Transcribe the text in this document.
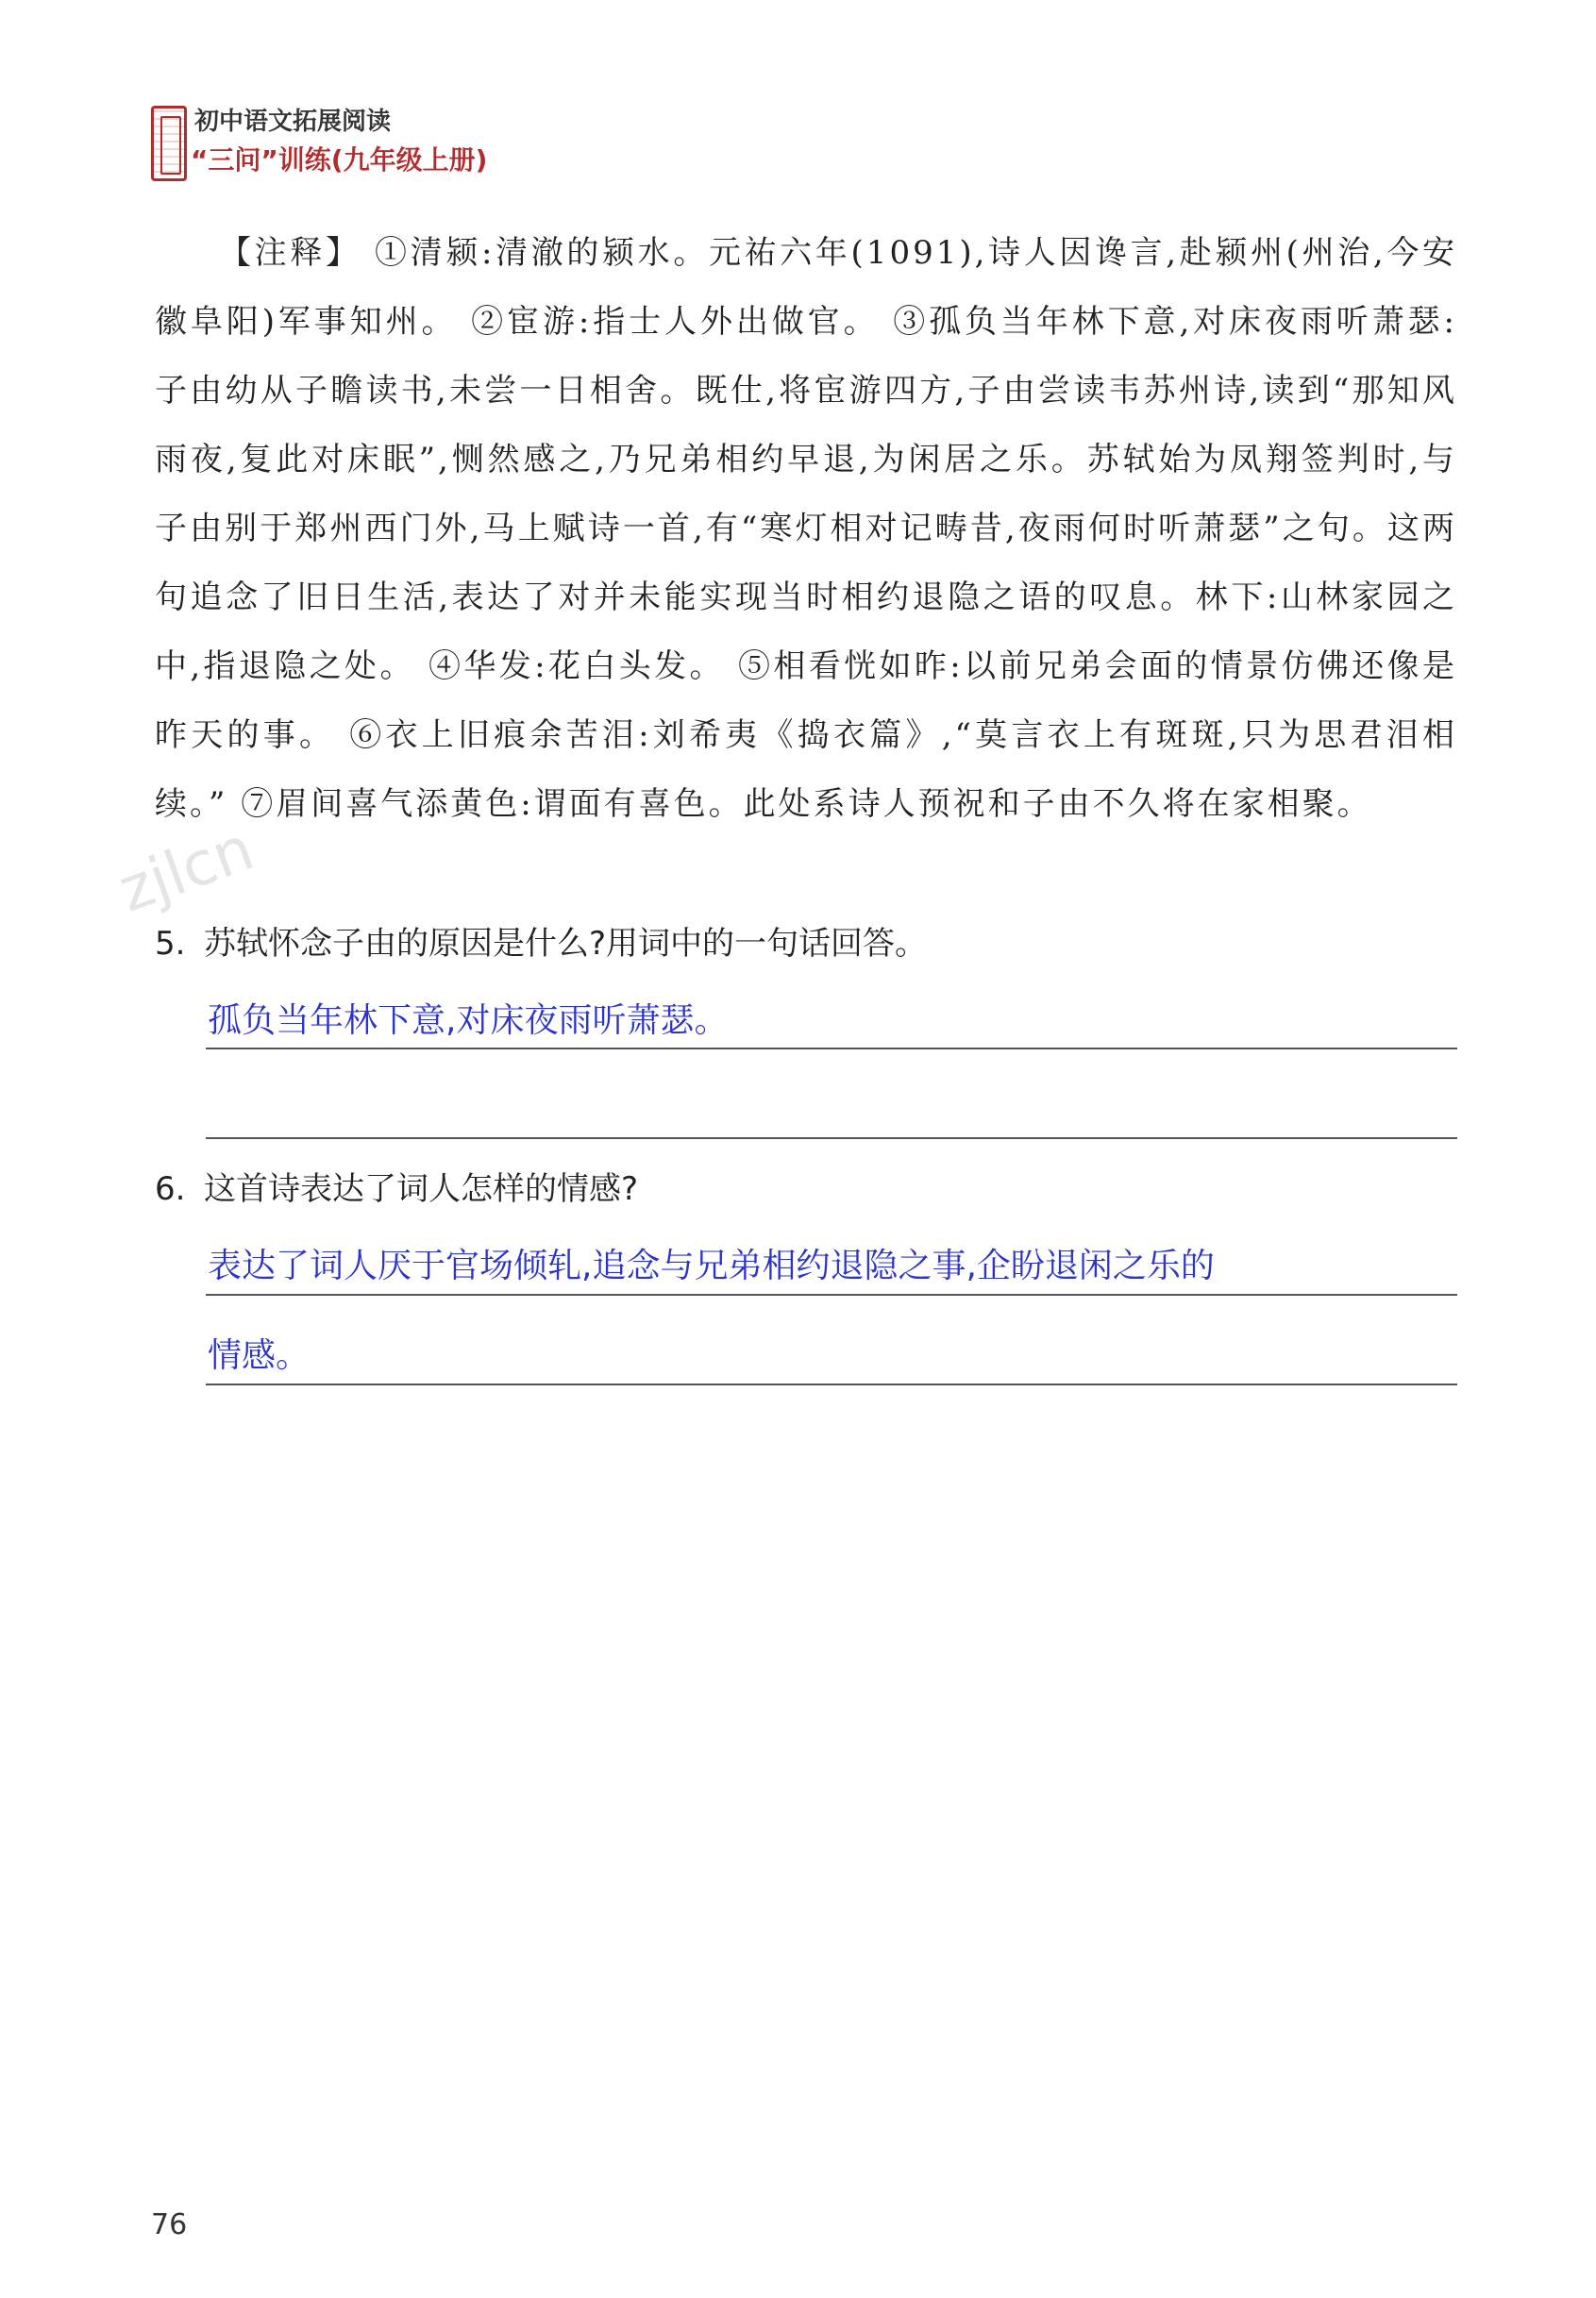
初中语文拓展阅读
“三问”训练(九年级上册)

【注释】 ①清颍:清澈的颍水。元祐六年(1091),诗人因谗言,赴颍州(州治,今安徽阜阳)军事知州。 ②宦游:指士人外出做官。 ③孤负当年林下意,对床夜雨听萧瑟:子由幼从子瞻读书,未尝一日相舍。既仕,将宦游四方,子由尝读韦苏州诗,读到“那知风雨夜,复此对床眠”,恻然感之,乃兄弟相约早退,为闲居之乐。苏轼始为凤翔签判时,与子由别于郑州西门外,马上赋诗一首,有“寒灯相对记畴昔,夜雨何时听萧瑟”之句。这两句追念了旧日生活,表达了对并未能实现当时相约退隐之语的叹息。林下:山林家园之中,指退隐之处。 ④华发:花白头发。 ⑤相看恍如昨:以前兄弟会面的情景仿佛还像是昨天的事。 ⑥衣上旧痕余苦泪:刘希夷《捣衣篇》,“莫言衣上有斑斑,只为思君泪相续。” ⑦眉间喜气添黄色:谓面有喜色。此处系诗人预祝和子由不久将在家相聚。

zjlcn
5. 苏轼怀念子由的原因是什么?用词中的一句话回答。
孤负当年林下意,对床夜雨听萧瑟。
6. 这首诗表达了词人怎样的情感?
表达了词人厌于官场倾轧,追念与兄弟相约退隐之事,企盼退闲之乐的
情感。
76
